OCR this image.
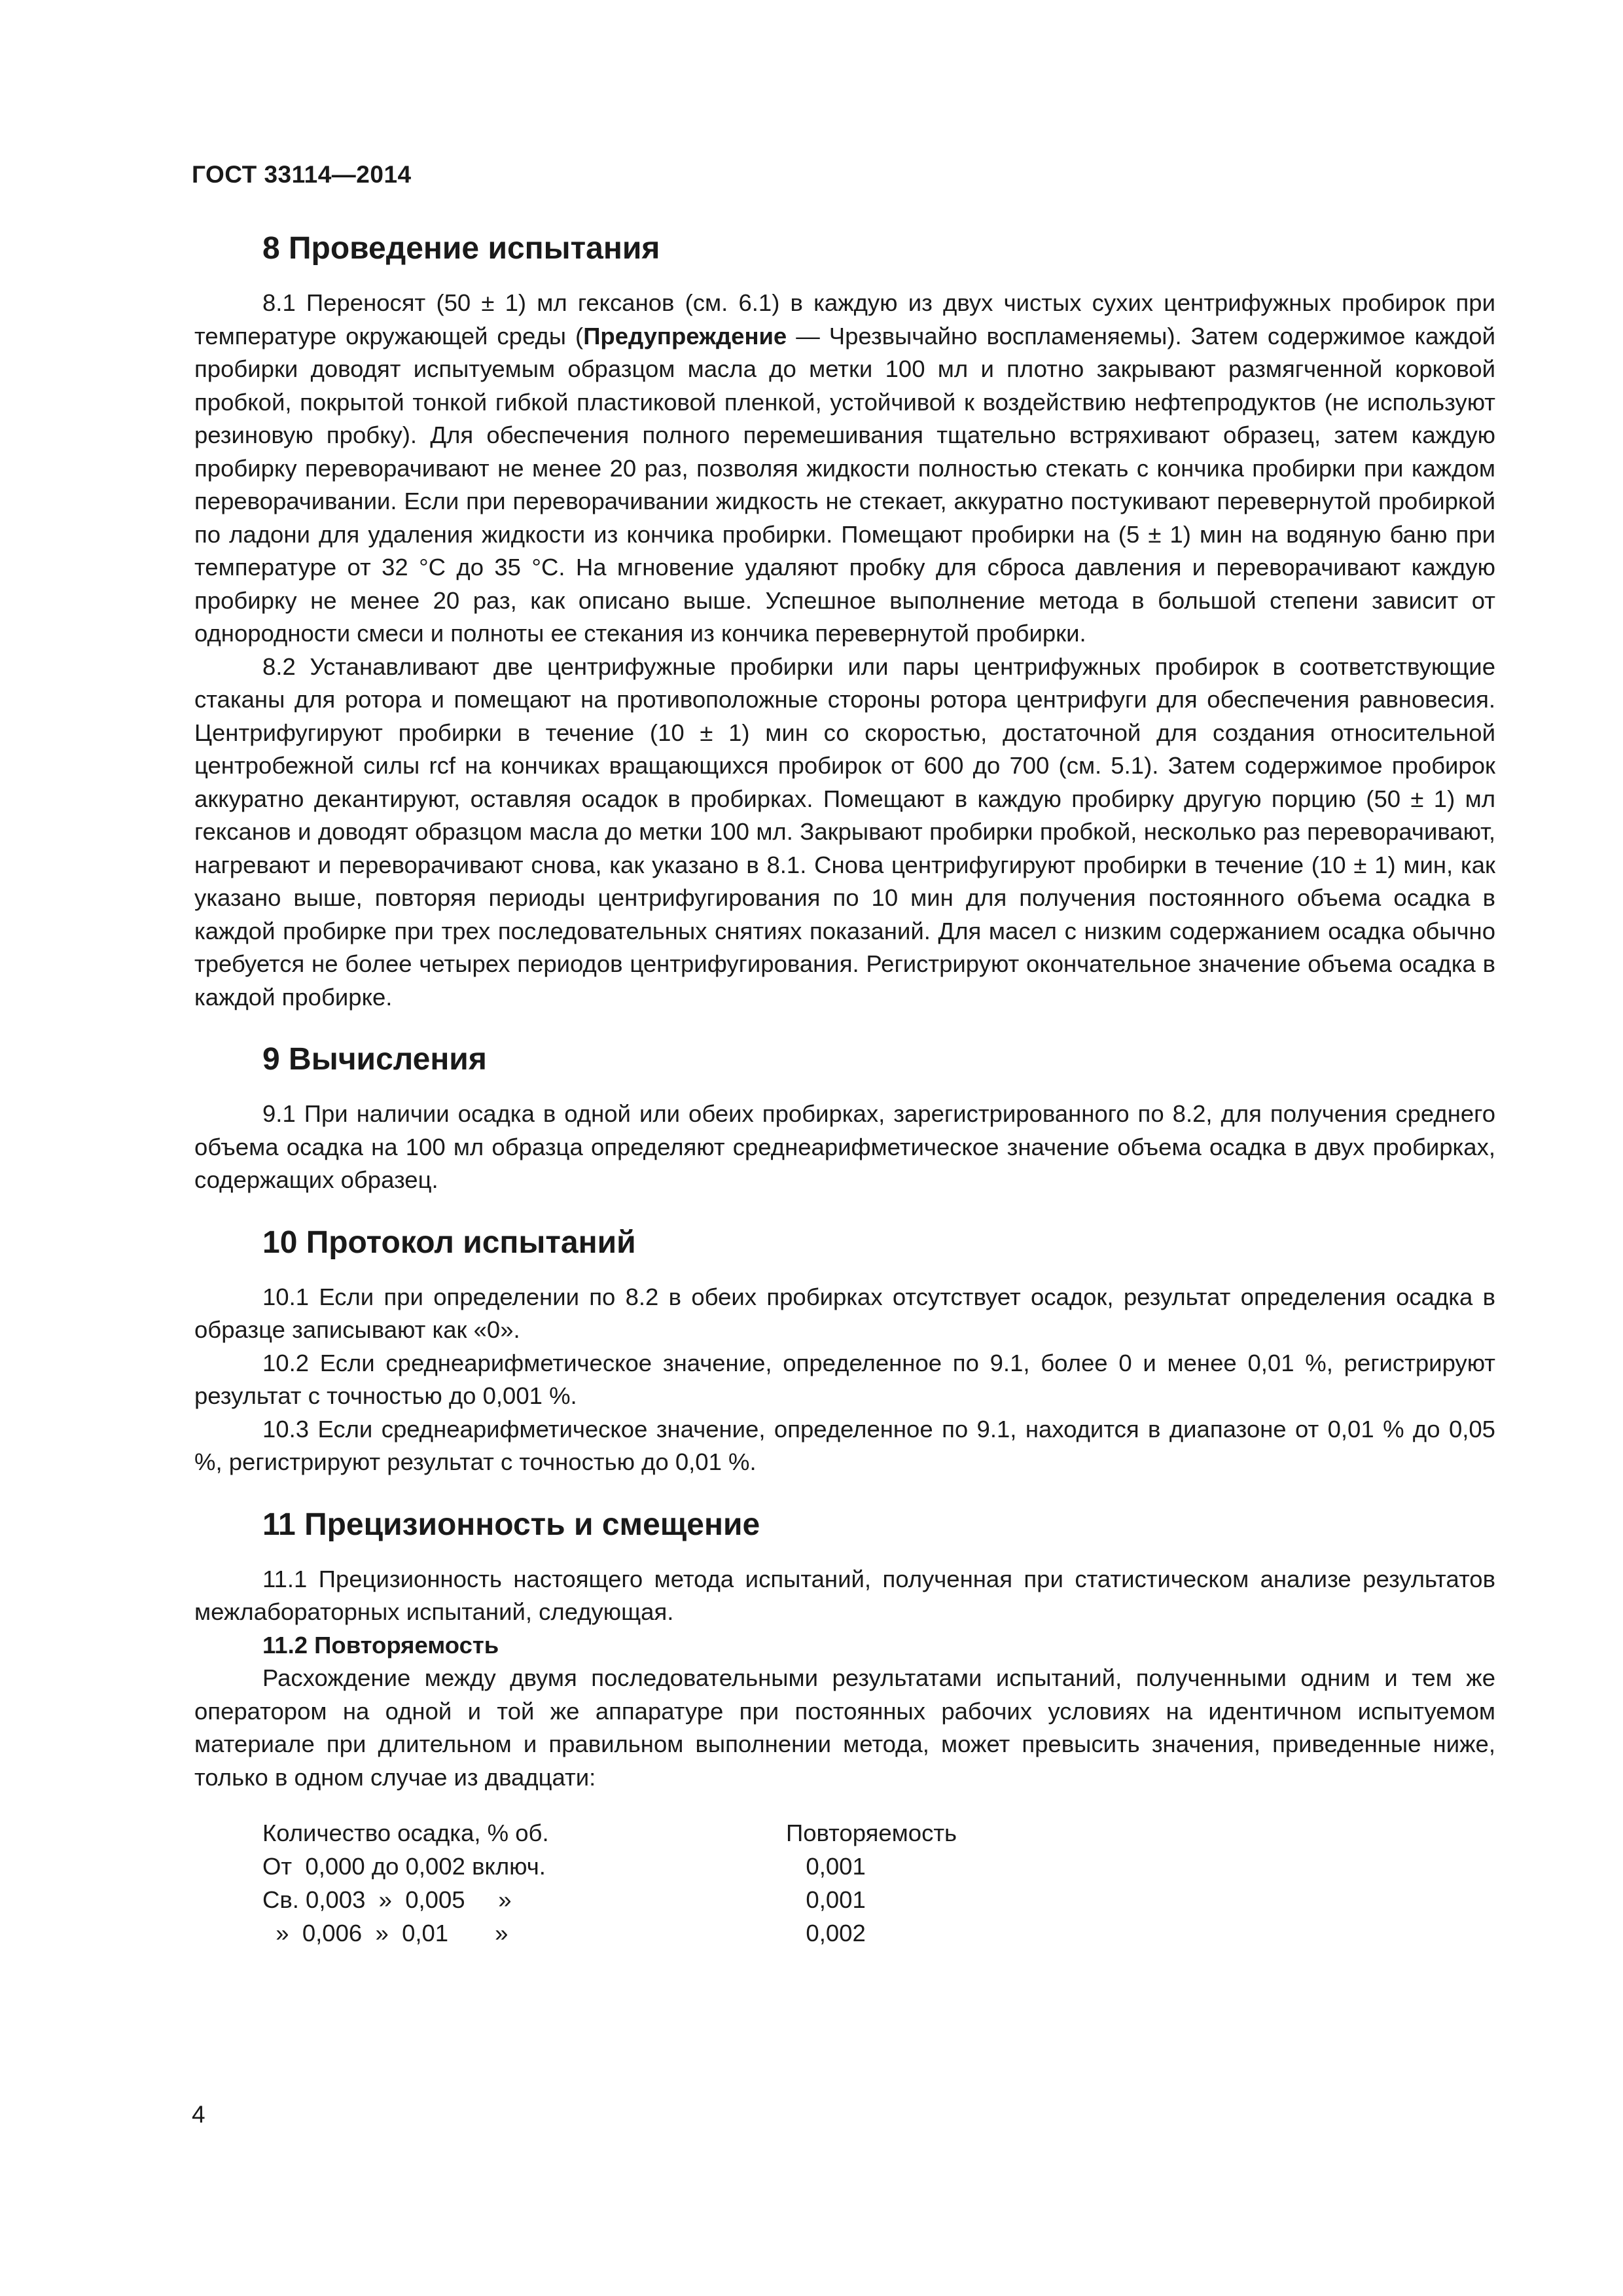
ГОСТ 33114—2014
8 Проведение испытания

8.1 Переносят (50 ± 1) мл гексанов (см. 6.1) в каждую из двух чистых сухих центрифужных пробирок при температуре окружающей среды (Предупреждение — Чрезвычайно воспламеняемы). Затем содержимое каждой пробирки доводят испытуемым образцом масла до метки 100 мл и плотно закрывают размягченной корковой пробкой, покрытой тонкой гибкой пластиковой пленкой, устойчивой к воздействию нефтепродуктов (не используют резиновую пробку). Для обеспечения полного перемешивания тщательно встряхивают образец, затем каждую пробирку переворачивают не менее 20 раз, позволяя жидкости полностью стекать с кончика пробирки при каждом переворачивании. Если при переворачивании жидкость не стекает, аккуратно постукивают перевернутой пробиркой по ладони для удаления жидкости из кончика пробирки. Помещают пробирки на (5 ± 1) мин на водяную баню при температуре от 32 °С до 35 °С. На мгновение удаляют пробку для сброса давления и переворачивают каждую пробирку не менее 20 раз, как описано выше. Успешное выполнение метода в большой степени зависит от однородности смеси и полноты ее стекания из кончика перевернутой пробирки.

8.2 Устанавливают две центрифужные пробирки или пары центрифужных пробирок в соответствующие стаканы для ротора и помещают на противоположные стороны ротора центрифуги для обеспечения равновесия. Центрифугируют пробирки в течение (10 ± 1) мин со скоростью, достаточной для создания относительной центробежной силы rcf на кончиках вращающихся пробирок от 600 до 700 (см. 5.1). Затем содержимое пробирок аккуратно декантируют, оставляя осадок в пробирках. Помещают в каждую пробирку другую порцию (50 ± 1) мл гексанов и доводят образцом масла до метки 100 мл. Закрывают пробирки пробкой, несколько раз переворачивают, нагревают и переворачивают снова, как указано в 8.1. Снова центрифугируют пробирки в течение (10 ± 1) мин, как указано выше, повторяя периоды центрифугирования по 10 мин для получения постоянного объема осадка в каждой пробирке при трех последовательных снятиях показаний. Для масел с низким содержанием осадка обычно требуется не более четырех периодов центрифугирования. Регистрируют окончательное значение объема осадка в каждой пробирке.

9 Вычисления

9.1 При наличии осадка в одной или обеих пробирках, зарегистрированного по 8.2, для получения среднего объема осадка на 100 мл образца определяют среднеарифметическое значение объема осадка в двух пробирках, содержащих образец.

10 Протокол испытаний

10.1 Если при определении по 8.2 в обеих пробирках отсутствует осадок, результат определения осадка в образце записывают как «0».

10.2 Если среднеарифметическое значение, определенное по 9.1, более 0 и менее 0,01 %, регистрируют результат с точностью до 0,001 %.

10.3 Если среднеарифметическое значение, определенное по 9.1, находится в диапазоне от 0,01 % до 0,05 %, регистрируют результат с точностью до 0,01 %.

11 Прецизионность и смещение

11.1 Прецизионность настоящего метода испытаний, полученная при статистическом анализе результатов межлабораторных испытаний, следующая.

11.2 Повторяемость

Расхождение между двумя последовательными результатами испытаний, полученными одним и тем же оператором на одной и той же аппаратуре при постоянных рабочих условиях на идентичном испытуемом материале при длительном и правильном выполнении метода, может превысить значения, приведенные ниже, только в одном случае из двадцати:

Количество осадка, % об.	Повторяемость
От  0,000 до 0,002 включ.	0,001
Св. 0,003  »  0,005     »	0,001
»  0,006  »  0,01       »	0,002
4
